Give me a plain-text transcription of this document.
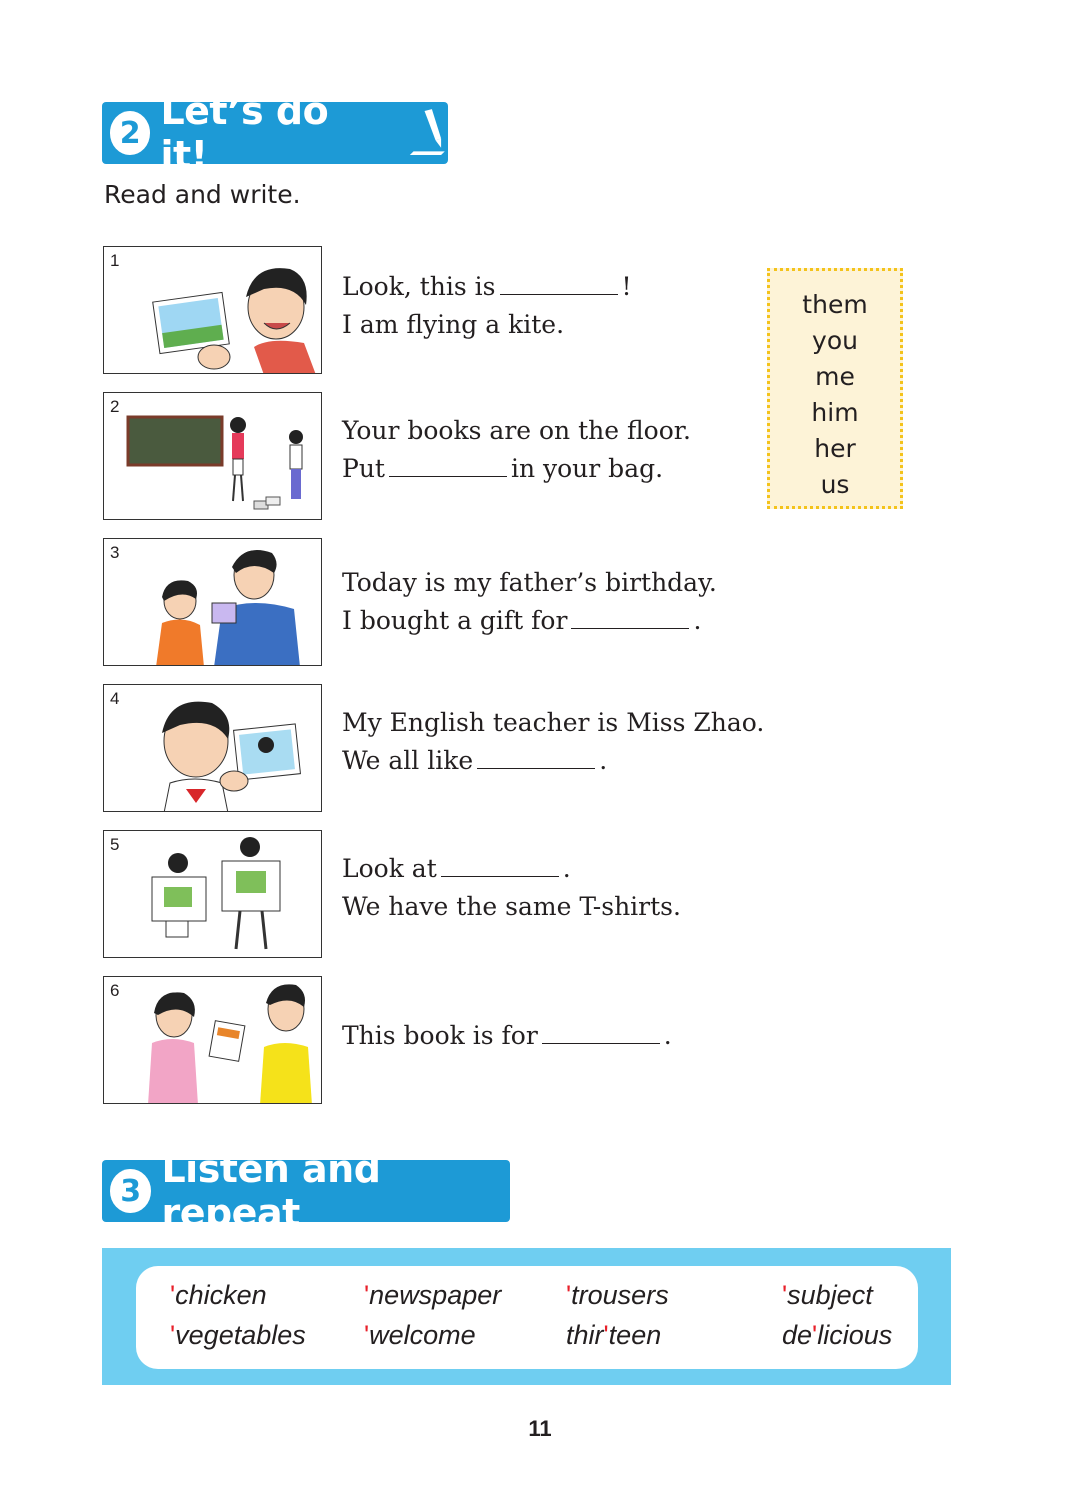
2 Let’s do it!
Read and write.
1
Look, this is	!
I am flying a kite.
2
Your books are on the floor.
Put	in your bag.
3
Today is my father’s birthday.
I bought a gift for	.
4
My English teacher is Miss Zhao.
We all like	.
5
Look at	.
We have the same T-shirts.
6
This book is for	.
them
you
me
him
her
us
3 Listen and repeat
'chicken	'newspaper 'trousers	'subject
'vegetables 'welcome	thir'teen	de'licious
11
